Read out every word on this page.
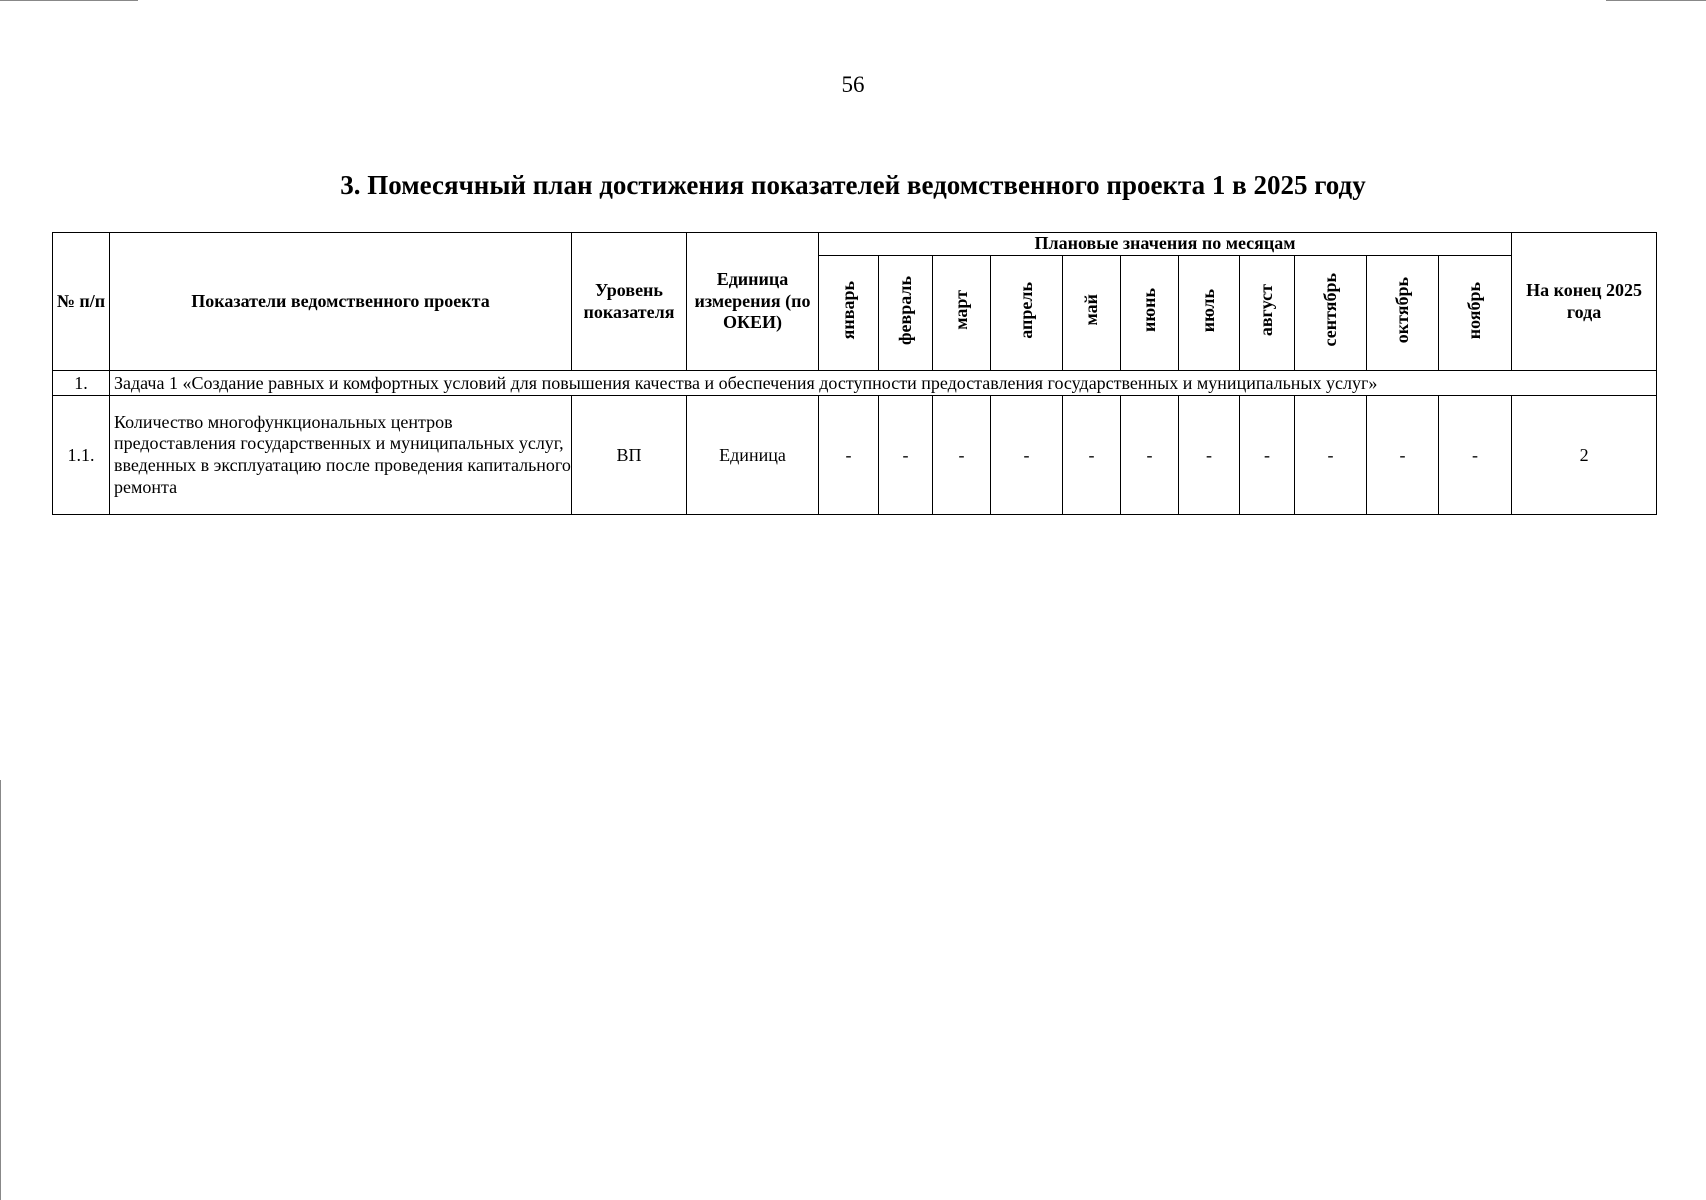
56
3. Помесячный план достижения показателей ведомственного проекта 1 в 2025 году
№ п/п	Показатели ведомственного проекта	Уровень показателя	Единица измерения (по ОКЕИ)	Плановые значения по месяцам											На конец 2025 года
				январь	февраль	март	апрель	май	июнь	июль	август	сентябрь	октябрь	ноябрь	
1.	Задача 1 «Создание равных и комфортных условий для повышения качества и обеспечения доступности предоставления государственных и муниципальных услуг»														
1.1.	Количество многофункциональных центров предоставления государственных и муниципальных услуг, введенных в эксплуатацию после проведения капитального ремонта	ВП	Единица	-	-	-	-	-	-	-	-	-	-	-	2
